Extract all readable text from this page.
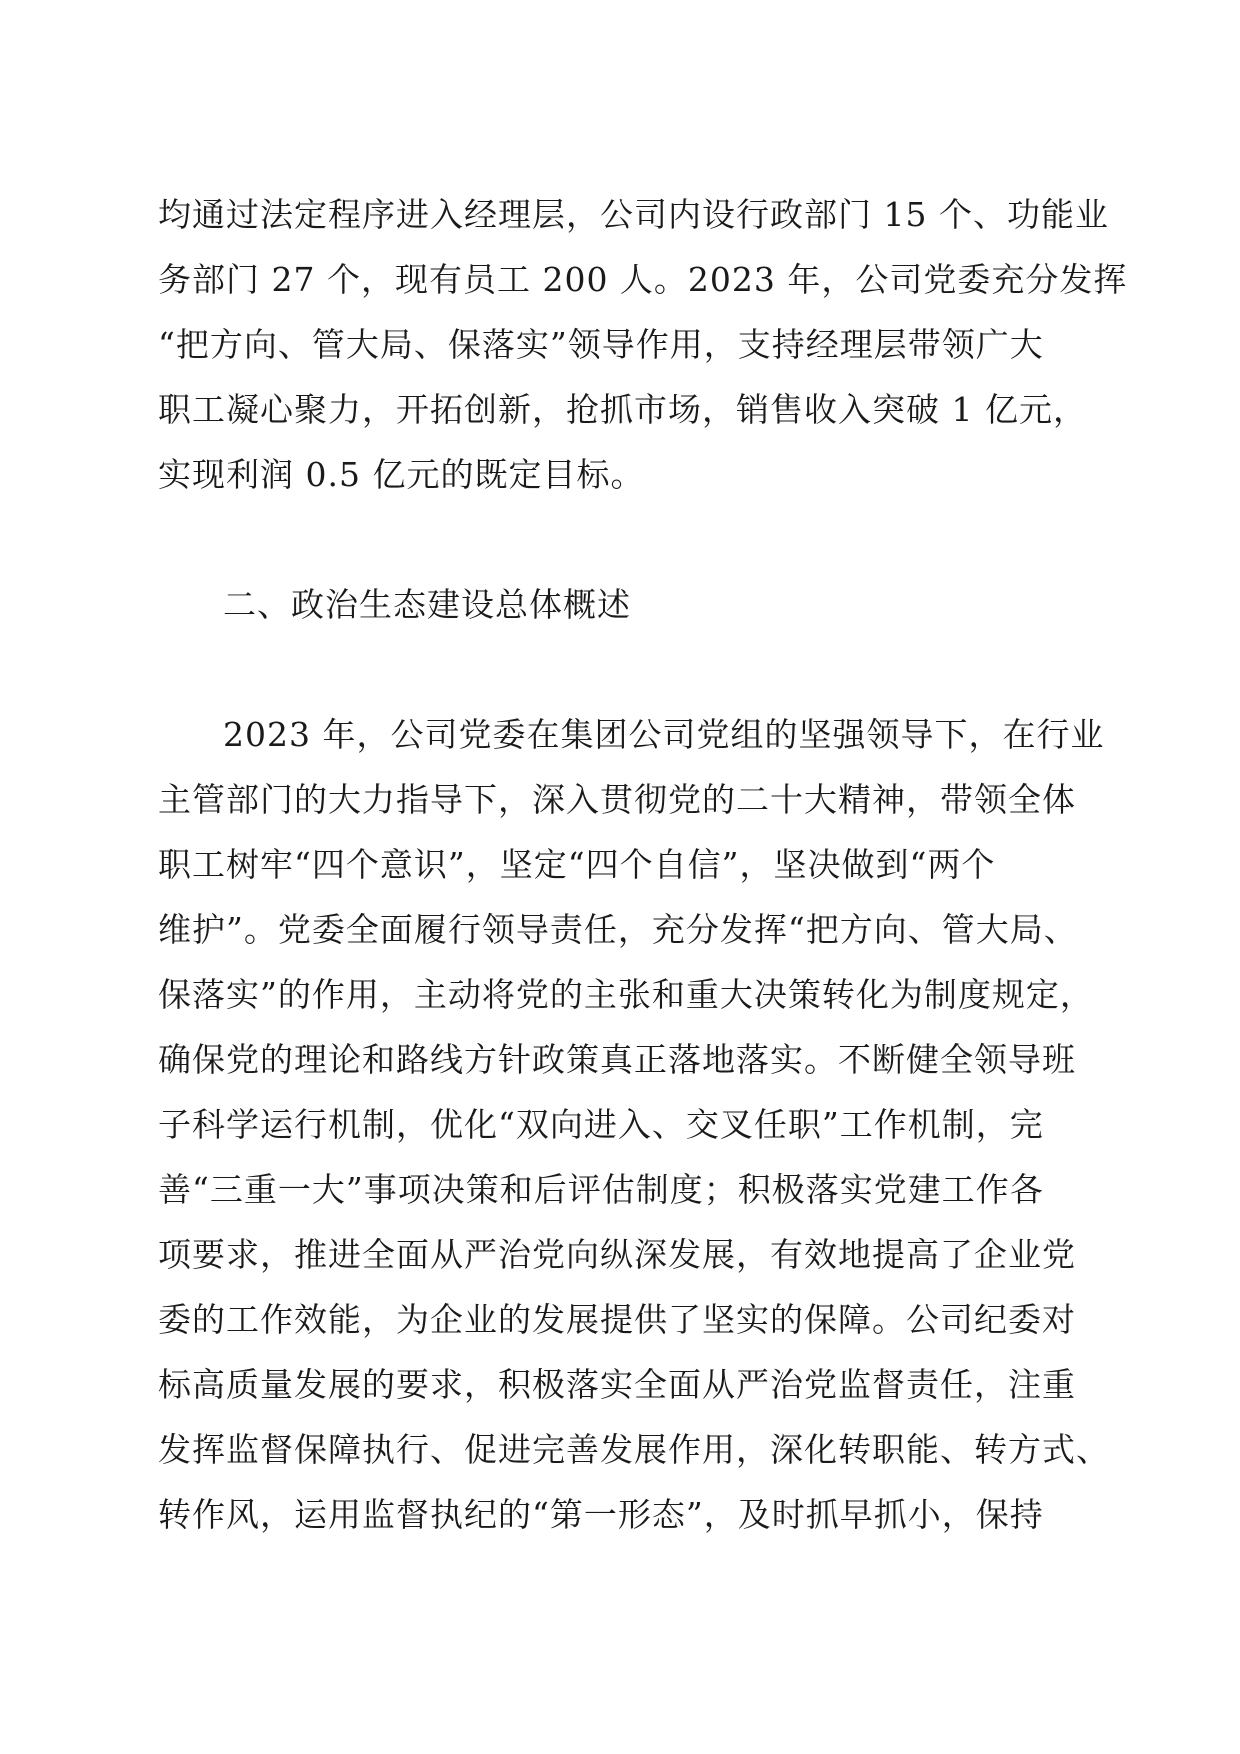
均通过法定程序进入经理层，公司内设行政部门 15 个、功能业
务部门 27 个，现有员工 200 人。2023 年，公司党委充分发挥
“把方向、管大局、保落实”领导作用，支持经理层带领广大
职工凝心聚力，开拓创新，抢抓市场，销售收入突破 1 亿元，
实现利润 0.5 亿元的既定目标。
二、政治生态建设总体概述
2023 年，公司党委在集团公司党组的坚强领导下，在行业
主管部门的大力指导下，深入贯彻党的二十大精神，带领全体
职工树牢“四个意识”，坚定“四个自信”，坚决做到“两个
维护”。党委全面履行领导责任，充分发挥“把方向、管大局、
保落实”的作用，主动将党的主张和重大决策转化为制度规定，
确保党的理论和路线方针政策真正落地落实。不断健全领导班
子科学运行机制，优化“双向进入、交叉任职”工作机制，完
善“三重一大”事项决策和后评估制度；积极落实党建工作各
项要求，推进全面从严治党向纵深发展，有效地提高了企业党
委的工作效能，为企业的发展提供了坚实的保障。公司纪委对
标高质量发展的要求，积极落实全面从严治党监督责任，注重
发挥监督保障执行、促进完善发展作用，深化转职能、转方式、
转作风，运用监督执纪的“第一形态”，及时抓早抓小，保持
